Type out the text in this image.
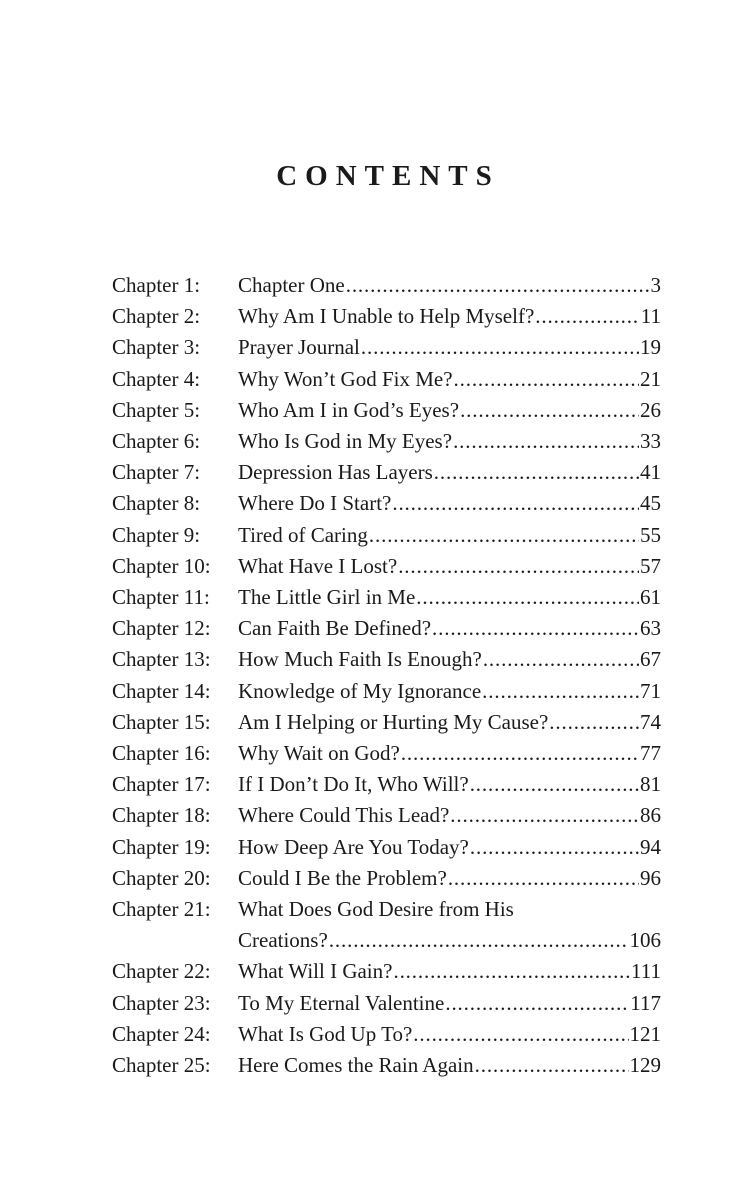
CONTENTS
Chapter 1:	Chapter One . . .	3
Chapter 2:	Why Am I Unable to Help Myself? . . .	11
Chapter 3:	Prayer Journal . . .	19
Chapter 4:	Why Won’t God Fix Me? . . .	21
Chapter 5:	Who Am I in God’s Eyes? . . .	26
Chapter 6:	Who Is God in My Eyes? . . .	33
Chapter 7:	Depression Has Layers . . .	41
Chapter 8:	Where Do I Start? . . .	45
Chapter 9:	Tired of Caring . . .	55
Chapter 10:	What Have I Lost? . . .	57
Chapter 11:	The Little Girl in Me . . .	61
Chapter 12:	Can Faith Be Defined? . . .	63
Chapter 13:	How Much Faith Is Enough? . . .	67
Chapter 14:	Knowledge of My Ignorance . . .	71
Chapter 15:	Am I Helping or Hurting My Cause? . . .	74
Chapter 16:	Why Wait on God? . . .	77
Chapter 17:	If I Don’t Do It, Who Will? . . .	81
Chapter 18:	Where Could This Lead? . . .	86
Chapter 19:	How Deep Are You Today? . . .	94
Chapter 20:	Could I Be the Problem? . . .	96
Chapter 21:	What Does God Desire from His
Creations? . . .	106
Chapter 22:	What Will I Gain? . . .	111
Chapter 23:	To My Eternal Valentine . . .	117
Chapter 24:	What Is God Up To? . . .	121
Chapter 25:	Here Comes the Rain Again . . .	129
